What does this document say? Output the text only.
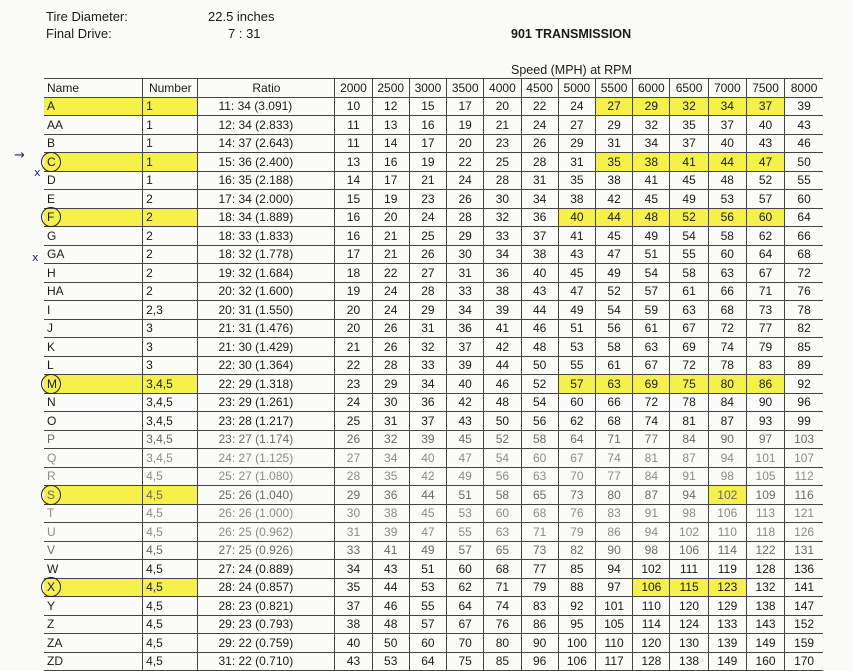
Tire Diameter:	22.5 inches
Final Drive:	7 : 31	901 TRANSMISSION
Speed (MPH) at RPM
Name	Number	Ratio	2000	2500	3000	3500	4000	4500	5000	5500	6000	6500	7000	7500	8000
A	1	11: 34 (3.091)	10	12	15	17	20	22	24	27	29	32	34	37	39
AA	1	12: 34 (2.833)	11	13	16	19	21	24	27	29	32	35	37	40	43
B	1	14: 37 (2.643)	11	14	17	20	23	26	29	31	34	37	40	43	46
C	1	15: 36 (2.400)	13	16	19	22	25	28	31	35	38	41	44	47	50
D	1	16: 35 (2.188)	14	17	21	24	28	31	35	38	41	45	48	52	55
E	2	17: 34 (2.000)	15	19	23	26	30	34	38	42	45	49	53	57	60
F	2	18: 34 (1.889)	16	20	24	28	32	36	40	44	48	52	56	60	64
G	2	18: 33 (1.833)	16	21	25	29	33	37	41	45	49	54	58	62	66
GA	2	18: 32 (1.778)	17	21	26	30	34	38	43	47	51	55	60	64	68
H	2	19: 32 (1.684)	18	22	27	31	36	40	45	49	54	58	63	67	72
HA	2	20: 32 (1.600)	19	24	28	33	38	43	47	52	57	61	66	71	76
I	2,3	20: 31 (1.550)	20	24	29	34	39	44	49	54	59	63	68	73	78
J	3	21: 31 (1.476)	20	26	31	36	41	46	51	56	61	67	72	77	82
K	3	21: 30 (1.429)	21	26	32	37	42	48	53	58	63	69	74	79	85
L	3	22: 30 (1.364)	22	28	33	39	44	50	55	61	67	72	78	83	89
M	3,4,5	22: 29 (1.318)	23	29	34	40	46	52	57	63	69	75	80	86	92
N	3,4,5	23: 29 (1.261)	24	30	36	42	48	54	60	66	72	78	84	90	96
O	3,4,5	23: 28 (1.217)	25	31	37	43	50	56	62	68	74	81	87	93	99
P	3,4,5	23: 27 (1.174)	26	32	39	45	52	58	64	71	77	84	90	97	103
Q	3,4,5	24: 27 (1.125)	27	34	40	47	54	60	67	74	81	87	94	101	107
R	4,5	25: 27 (1.080)	28	35	42	49	56	63	70	77	84	91	98	105	112
S	4,5	25: 26 (1.040)	29	36	44	51	58	65	73	80	87	94	102	109	116
T	4,5	26: 26 (1.000)	30	38	45	53	60	68	76	83	91	98	106	113	121
U	4,5	26: 25 (0.962)	31	39	47	55	63	71	79	86	94	102	110	118	126
V	4,5	27: 25 (0.926)	33	41	49	57	65	73	82	90	98	106	114	122	131
W	4,5	27: 24 (0.889)	34	43	51	60	68	77	85	94	102	111	119	128	136
X	4,5	28: 24 (0.857)	35	44	53	62	71	79	88	97	106	115	123	132	141
Y	4,5	28: 23 (0.821)	37	46	55	64	74	83	92	101	110	120	129	138	147
Z	4,5	29: 23 (0.793)	38	48	57	67	76	86	95	105	114	124	133	143	152
ZA	4,5	29: 22 (0.759)	40	50	60	70	80	90	100	110	120	130	139	149	159
ZD	4,5	31: 22 (0.710)	43	53	64	75	85	96	106	117	128	138	149	160	170
→
x
x
